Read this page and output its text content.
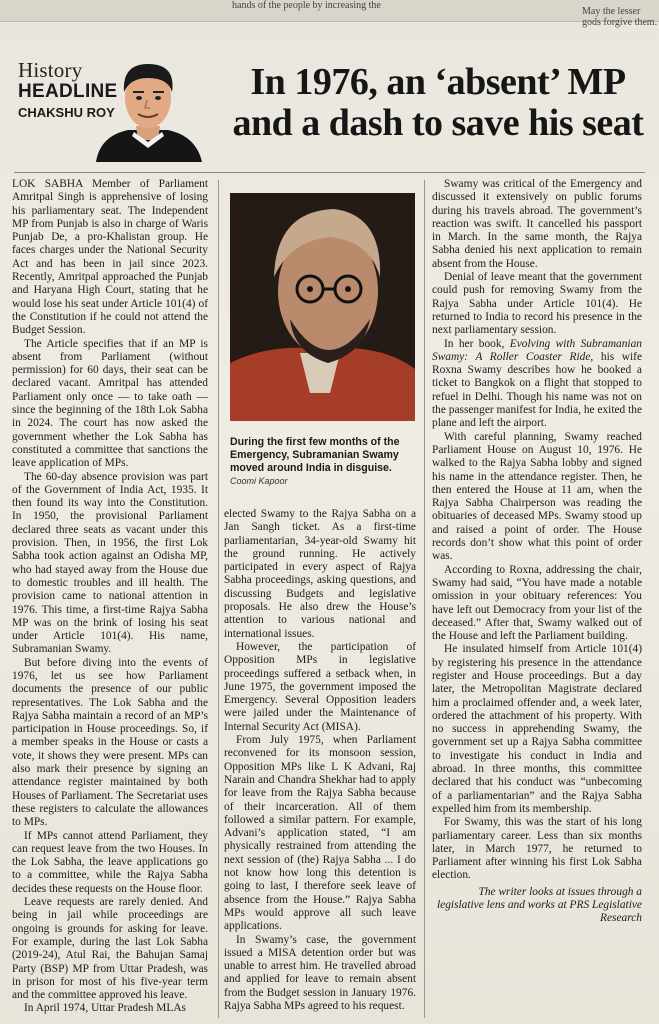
hands of the people by increasing the
May the lesser gods forgive them.
History
HEADLINE
CHAKSHU ROY
In 1976, an ‘absent’ MP and a dash to save his seat

LOK SABHA Member of Parliament Amritpal Singh is apprehensive of losing his parliamentary seat. The Independent MP from Punjab is also in charge of Waris Punjab De, a pro-Khalistan group. He faces charges under the National Security Act and has been in jail since 2023. Recently, Amritpal approached the Punjab and Haryana High Court, stating that he would lose his seat under Article 101(4) of the Constitution if he could not attend the Budget Session.

The Article specifies that if an MP is absent from Parliament (without permission) for 60 days, their seat can be declared vacant. Amritpal has attended Parliament only once — to take oath — since the beginning of the 18th Lok Sabha in 2024. The court has now asked the government whether the Lok Sabha has constituted a committee that sanctions the leave application of MPs.

The 60-day absence provision was part of the Government of India Act, 1935. It then found its way into the Constitution. In 1950, the provisional Parliament declared three seats as vacant under this provision. Then, in 1956, the first Lok Sabha took action against an Odisha MP, who had stayed away from the House due to domestic troubles and ill health. The provision came to national attention in 1976. This time, a first-time Rajya Sabha MP was on the brink of losing his seat under Article 101(4). His name, Subramanian Swamy.

But before diving into the events of 1976, let us see how Parliament documents the presence of our public representatives. The Lok Sabha and the Rajya Sabha maintain a record of an MP’s participation in House proceedings. So, if a member speaks in the House or casts a vote, it shows they were present. MPs can also mark their presence by signing an attendance register maintained by both Houses of Parliament. The Secretariat uses these registers to calculate the allowances to MPs.

If MPs cannot attend Parliament, they can request leave from the two Houses. In the Lok Sabha, the leave applications go to a committee, while the Rajya Sabha decides these requests on the House floor.

Leave requests are rarely denied. And being in jail while proceedings are ongoing is grounds for asking for leave. For example, during the last Lok Sabha (2019-24), Atul Rai, the Bahujan Samaj Party (BSP) MP from Uttar Pradesh, was in prison for most of his five-year term and the committee approved his leave.

In April 1974, Uttar Pradesh MLAs

During the first few months of the Emergency, Subramanian Swamy moved around India in disguise.
Coomi Kapoor

elected Swamy to the Rajya Sabha on a Jan Sangh ticket. As a first-time parliamentarian, 34-year-old Swamy hit the ground running. He actively participated in every aspect of Rajya Sabha proceedings, asking questions, and discussing Budgets and legislative proposals. He also drew the House’s attention to various national and international issues.

However, the participation of Opposition MPs in legislative proceedings suffered a setback when, in June 1975, the government imposed the Emergency. Several Opposition leaders were jailed under the Maintenance of Internal Security Act (MISA).

From July 1975, when Parliament reconvened for its monsoon session, Opposition MPs like L K Advani, Raj Narain and Chandra Shekhar had to apply for leave from the Rajya Sabha because of their incarceration. All of them followed a similar pattern. For example, Advani’s application stated, “I am physically restrained from attending the next session of (the) Rajya Sabha ... I do not know how long this detention is going to last, I therefore seek leave of absence from the House.” Rajya Sabha MPs would approve all such leave applications.

In Swamy’s case, the government issued a MISA detention order but was unable to arrest him. He travelled abroad and applied for leave to remain absent from the Budget session in January 1976. Rajya Sabha MPs agreed to his request.

Swamy was critical of the Emergency and discussed it extensively on public forums during his travels abroad. The government’s reaction was swift. It cancelled his passport in March. In the same month, the Rajya Sabha denied his next application to remain absent from the House.

Denial of leave meant that the government could push for removing Swamy from the Rajya Sabha under Article 101(4). He returned to India to record his presence in the next parliamentary session.

In her book, Evolving with Subramanian Swamy: A Roller Coaster Ride, his wife Roxna Swamy describes how he booked a ticket to Bangkok on a flight that stopped to refuel in Delhi. Though his name was not on the passenger manifest for India, he exited the plane and left the airport.

With careful planning, Swamy reached Parliament House on August 10, 1976. He walked to the Rajya Sabha lobby and signed his name in the attendance register. Then, he then entered the House at 11 am, when the Rajya Sabha Chairperson was reading the obituaries of deceased MPs. Swamy stood up and raised a point of order. The House records don’t show what this point of order was.

According to Roxna, addressing the chair, Swamy had said, “You have made a notable omission in your obituary references: You have left out Democracy from your list of the deceased.” After that, Swamy walked out of the House and left the Parliament building.

He insulated himself from Article 101(4) by registering his presence in the attendance register and House proceedings. But a day later, the Metropolitan Magistrate declared him a proclaimed offender and, a week later, ordered the attachment of his property. With no success in apprehending Swamy, the government set up a Rajya Sabha committee to investigate his conduct in India and abroad. In three months, this committee declared that his conduct was “unbecoming of a parliamentarian” and the Rajya Sabha expelled him from its membership.

For Swamy, this was the start of his long parliamentary career. Less than six months later, in March 1977, he returned to Parliament after winning his first Lok Sabha election.

The writer looks at issues through a legislative lens and works at PRS Legislative Research
